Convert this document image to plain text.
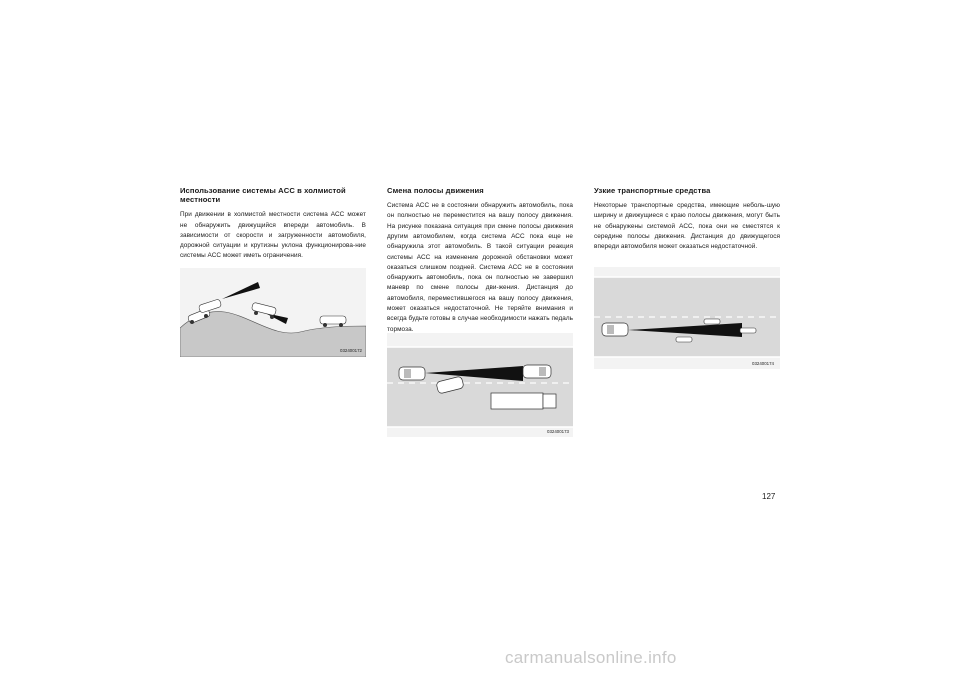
Использование системы ACC в холмистой местности

При движении в холмистой местности система АСС может не обнаружить движущийся впереди автомобиль. В зависимости от скорости и загруженности автомобиля, дорожной ситуации и крутизны уклона функционирова-ние системы АСС может иметь ограничения.

032400172
Смена полосы движения

Система АСС не в состоянии обнаружить автомобиль, пока он полностью не переместится на вашу полосу движения. На рисунке показана ситуация при смене полосы движения другим автомобилем, когда система АСС пока еще не обнаружила этот автомобиль. В такой ситуации реакция системы АСС на изменение дорожной обстановки может оказаться слишком поздней. Система АСС не в состоянии обнаружить автомобиль, пока он полностью не завершил маневр по смене полосы дви-жения. Дистанция до автомобиля, переместившегося на вашу полосу движения, может оказаться недостаточной. Не теряйте внимания и всегда будьте готовы в случае необходимости нажать педаль тормоза.

032400173
Узкие транспортные средства

Некоторые транспортные средства, имеющие неболь-шую ширину и движущиеся с краю полосы движения, могут быть не обнаружены системой АСС, пока они не сместятся к середине полосы движения. Дистанция до движущегося впереди автомобиля может оказаться недостаточной.

032400174
127
carmanualsonline.info
